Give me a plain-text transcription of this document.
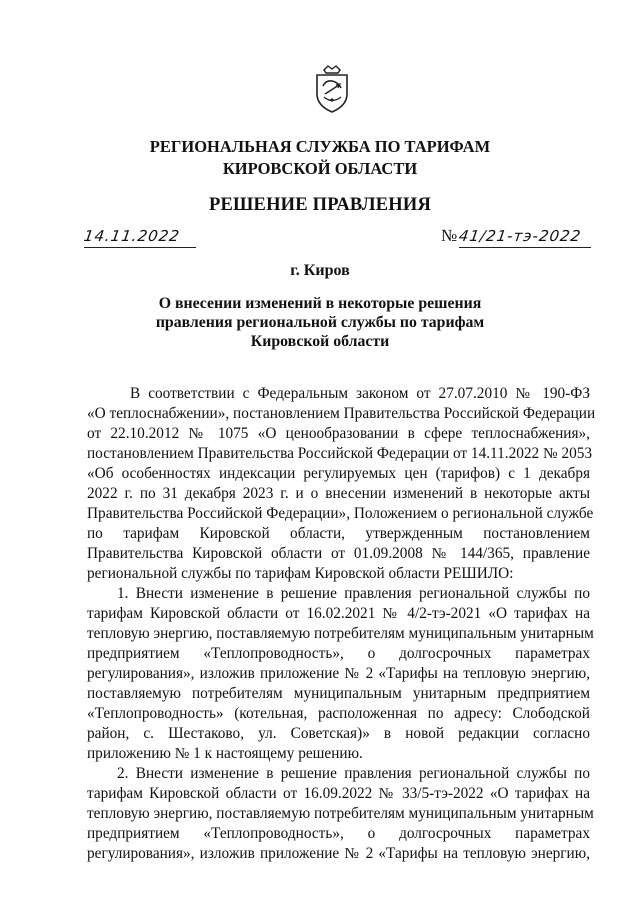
РЕГИОНАЛЬНАЯ СЛУЖБА ПО ТАРИФАМ
КИРОВСКОЙ ОБЛАСТИ
РЕШЕНИЕ ПРАВЛЕНИЯ
14.11.2022	№ 41/21-тэ-2022
г. Киров
О внесении изменений в некоторые решения
правления региональной службы по тарифам
Кировской области
В соответствии с Федеральным законом от 27.07.2010 № 190-ФЗ
«О теплоснабжении», постановлением Правительства Российской Федерации
от 22.10.2012 № 1075 «О ценообразовании в сфере теплоснабжения»,
постановлением Правительства Российской Федерации от 14.11.2022 № 2053
«Об особенностях индексации регулируемых цен (тарифов) с 1 декабря
2022 г. по 31 декабря 2023 г. и о внесении изменений в некоторые акты
Правительства Российской Федерации», Положением о региональной службе
по тарифам Кировской области, утвержденным постановлением
Правительства Кировской области от 01.09.2008 № 144/365, правление
региональной службы по тарифам Кировской области РЕШИЛО:
1. Внести изменение в решение правления региональной службы по
тарифам Кировской области от 16.02.2021 № 4/2-тэ-2021 «О тарифах на
тепловую энергию, поставляемую потребителям муниципальным унитарным
предприятием «Теплопроводность», о долгосрочных параметрах
регулирования», изложив приложение № 2 «Тарифы на тепловую энергию,
поставляемую потребителям муниципальным унитарным предприятием
«Теплопроводность» (котельная, расположенная по адресу: Слободской
район, с. Шестаково, ул. Советская)» в новой редакции согласно
приложению № 1 к настоящему решению.
2. Внести изменение в решение правления региональной службы по
тарифам Кировской области от 16.09.2022 № 33/5-тэ-2022 «О тарифах на
тепловую энергию, поставляемую потребителям муниципальным унитарным
предприятием «Теплопроводность», о долгосрочных параметрах
регулирования», изложив приложение № 2 «Тарифы на тепловую энергию,
